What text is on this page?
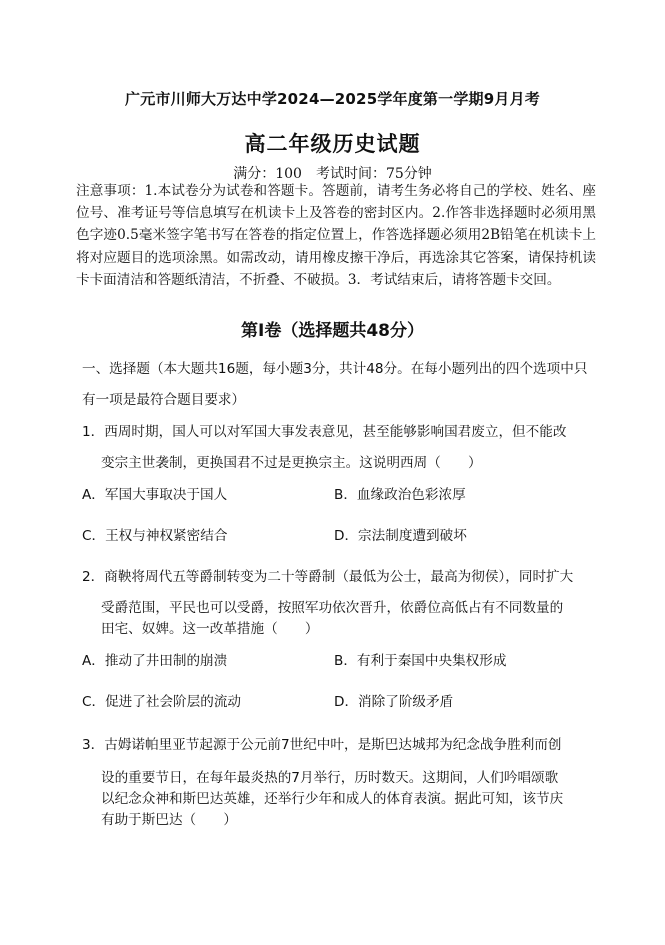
广元市川师大万达中学2024—2025学年度第一学期9月月考
高二年级历史试题
满分：100　考试时间：75分钟
注意事项：1.本试卷分为试卷和答题卡。答题前，请考生务必将自己的学校、姓名、座位号、准考证号等信息填写在机读卡上及答卷的密封区内。2.作答非选择题时必须用黑色字迹0.5毫米签字笔书写在答卷的指定位置上，作答选择题必须用2B铅笔在机读卡上将对应题目的选项涂黑。如需改动，请用橡皮擦干净后，再选涂其它答案，请保持机读卡卡面清洁和答题纸清洁，不折叠、不破损。3．考试结束后，请将答题卡交回。
第Ⅰ卷（选择题共48分）
一、选择题（本大题共16题，每小题3分，共计48分。在每小题列出的四个选项中只有一项是最符合题目要求）
1．西周时期，国人可以对军国大事发表意见，甚至能够影响国君废立，但不能改
变宗主世袭制，更换国君不过是更换宗主。这说明西周（　　）
A．军国大事取决于国人	B．血缘政治色彩浓厚
C．王权与神权紧密结合	D．宗法制度遭到破坏
2．商鞅将周代五等爵制转变为二十等爵制（最低为公士，最高为彻侯），同时扩大
受爵范围，平民也可以受爵，按照军功依次晋升，依爵位高低占有不同数量的
田宅、奴婢。这一改革措施（　　）
A．推动了井田制的崩溃	B．有利于秦国中央集权形成
C．促进了社会阶层的流动	D．消除了阶级矛盾
3．古姆诺帕里亚节起源于公元前7世纪中叶，是斯巴达城邦为纪念战争胜利而创
设的重要节日，在每年最炎热的7月举行，历时数天。这期间，人们吟唱颂歌
以纪念众神和斯巴达英雄，还举行少年和成人的体育表演。据此可知，该节庆
有助于斯巴达（　　）
